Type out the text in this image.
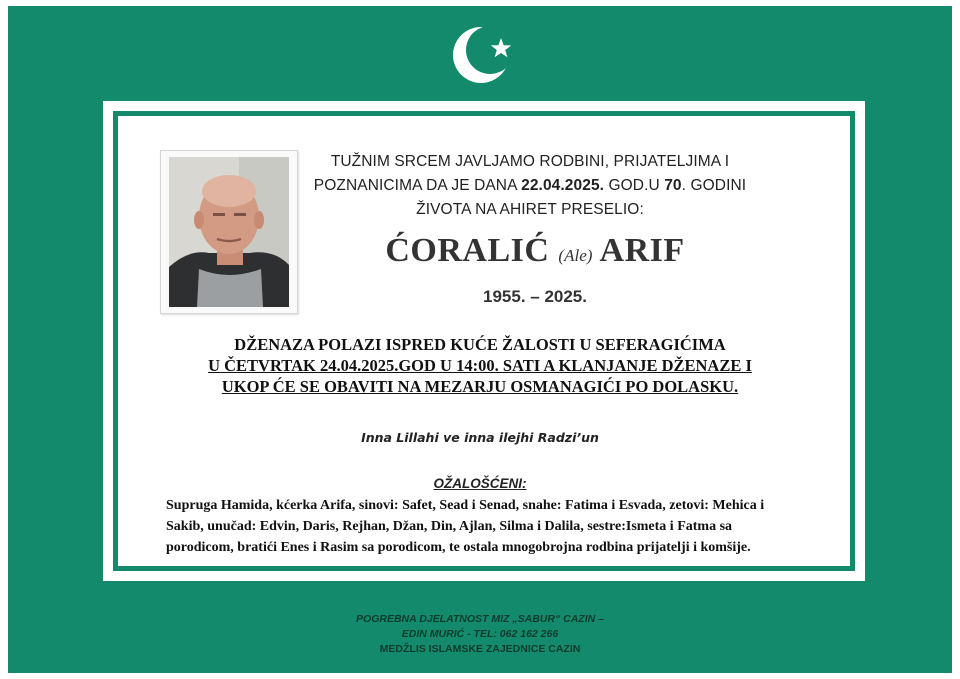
TUŽNIM SRCEM JAVLJAMO RODBINI, PRIJATELJIMA I
POZNANICIMA DA JE DANA 22.04.2025. GOD.U 70. GODINI
ŽIVOTA NA AHIRET PRESELIO:
ĆORALIĆ (Ale) ARIF
1955. – 2025.
DŽENAZA POLAZI ISPRED KUĆE ŽALOSTI U SEFERAGIĆIMA
U ČETVRTAK 24.04.2025.GOD U 14:00. SATI A KLANJANJE DŽENAZE I
UKOP ĆE SE OBAVITI NA MEZARJU OSMANAGIĆI PO DOLASKU.
Inna Lillahi ve inna ilejhi Radzi’un
OŽALOŠĆENI:
Supruga Hamida, kćerka Arifa, sinovi: Safet, Sead i Senad, snahe: Fatima i Esvada, zetovi: Mehica i Sakib, unučad: Edvin, Daris, Rejhan, Džan, Din, Ajlan, Silma i Dalila, sestre:Ismeta i Fatma sa porodicom, bratići Enes i Rasim sa porodicom, te ostala mnogobrojna rodbina prijatelji i komšije.
POGREBNA DJELATNOST MIZ „SABUR“ CAZIN –
EDIN MURIĆ - TEL: 062 162 266
MEDŽLIS ISLAMSKE ZAJEDNICE CAZIN
